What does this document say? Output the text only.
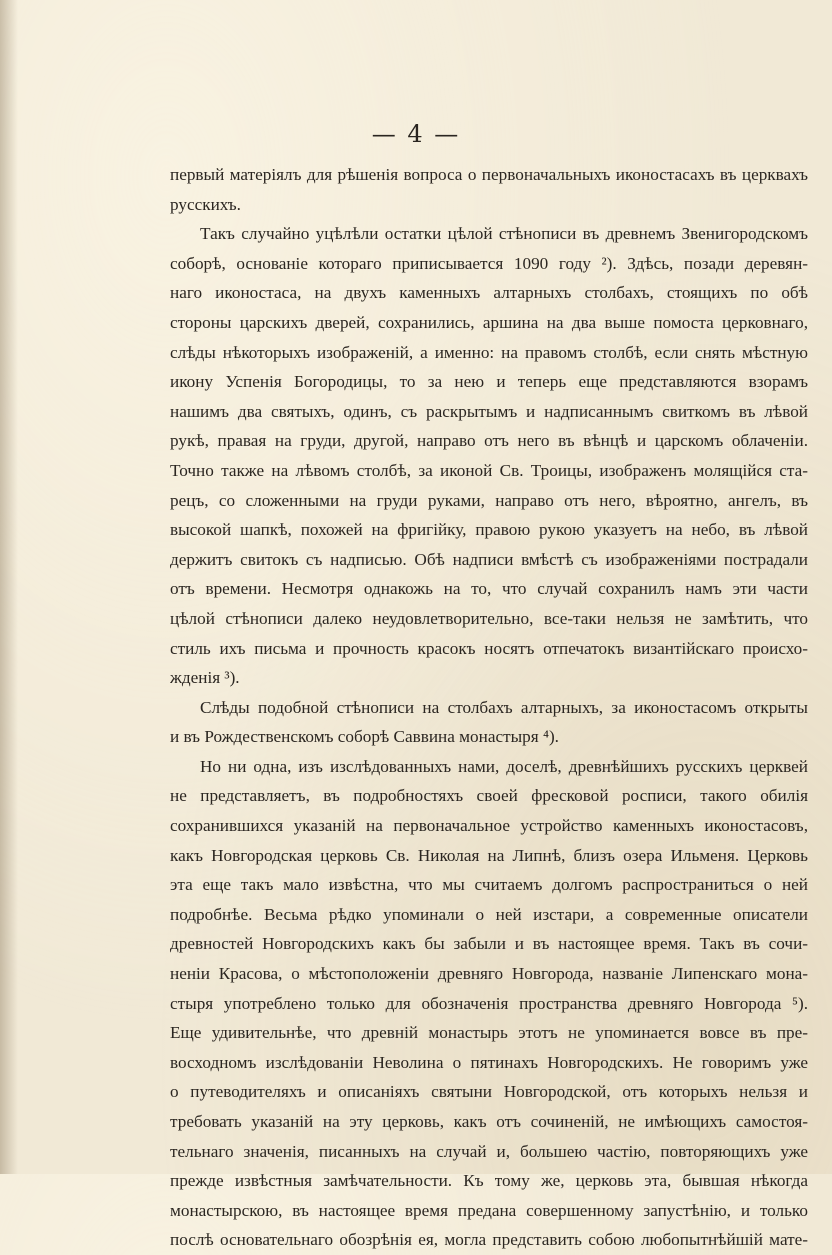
— 4 —
первый матеріялъ для рѣшенія вопроса о первоначальныхъ иконостасахъ въ церквахъ
русскихъ.
Такъ случайно уцѣлѣли остатки цѣлой стѣнописи въ древнемъ Звенигородскомъ
соборѣ, основаніе котораго приписывается 1090 году ²). Здѣсь, позади деревян-
наго иконостаса, на двухъ каменныхъ алтарныхъ столбахъ, стоящихъ по обѣ
стороны царскихъ дверей, сохранились, аршина на два выше помоста церковнаго,
слѣды нѣкоторыхъ изображеній, а именно: на правомъ столбѣ, если снять мѣстную
икону Успенія Богородицы, то за нею и теперь еще представляются взорамъ
нашимъ два святыхъ, одинъ, съ раскрытымъ и надписаннымъ свиткомъ въ лѣвой
рукѣ, правая на груди, другой, направо отъ него въ вѣнцѣ и царскомъ облаченіи.
Точно также на лѣвомъ столбѣ, за иконой Св. Троицы, изображенъ молящійся ста-
рецъ, со сложенными на груди руками, направо отъ него, вѣроятно, ангелъ, въ
высокой шапкѣ, похожей на фригійку, правою рукою указуетъ на небо, въ лѣвой
держитъ свитокъ съ надписью. Обѣ надписи вмѣстѣ съ изображеніями пострадали
отъ времени. Несмотря однакожь на то, что случай сохранилъ намъ эти части
цѣлой стѣнописи далеко неудовлетворительно, все-таки нельзя не замѣтить, что
стиль ихъ письма и прочность красокъ носятъ отпечатокъ византійскаго происхо-
жденія ³).
Слѣды подобной стѣнописи на столбахъ алтарныхъ, за иконостасомъ открыты
и въ Рождественскомъ соборѣ Саввина монастыря ⁴).
Но ни одна, изъ изслѣдованныхъ нами, доселѣ, древнѣйшихъ русскихъ церквей
не представляетъ, въ подробностяхъ своей фресковой росписи, такого обилія
сохранившихся указаній на первоначальное устройство каменныхъ иконостасовъ,
какъ Новгородская церковь Св. Николая на Липнѣ, близъ озера Ильменя. Церковь
эта еще такъ мало извѣстна, что мы считаемъ долгомъ распространиться о ней
подробнѣе. Весьма рѣдко упоминали о ней изстари, а современные описатели
древностей Новгородскихъ какъ бы забыли и въ настоящее время. Такъ въ сочи-
неніи Красова, о мѣстоположеніи древняго Новгорода, названіе Липенскаго мона-
стыря употреблено только для обозначенія пространства древняго Новгорода ⁵).
Еще удивительнѣе, что древній монастырь этотъ не упоминается вовсе въ пре-
восходномъ изслѣдованіи Неволина о пятинахъ Новгородскихъ. Не говоримъ уже
о путеводителяхъ и описаніяхъ святыни Новгородской, отъ которыхъ нельзя и
требовать указаній на эту церковь, какъ отъ сочиненій, не имѣющихъ самостоя-
тельнаго значенія, писанныхъ на случай и, большею частію, повторяющихъ уже
прежде извѣстныя замѣчательности. Къ тому же, церковь эта, бывшая нѣкогда
монастырскою, въ настоящее время предана совершенному запустѣнію, и только
послѣ основательнаго обозрѣнія ея, могла представить собою любопытнѣйшій мате-
